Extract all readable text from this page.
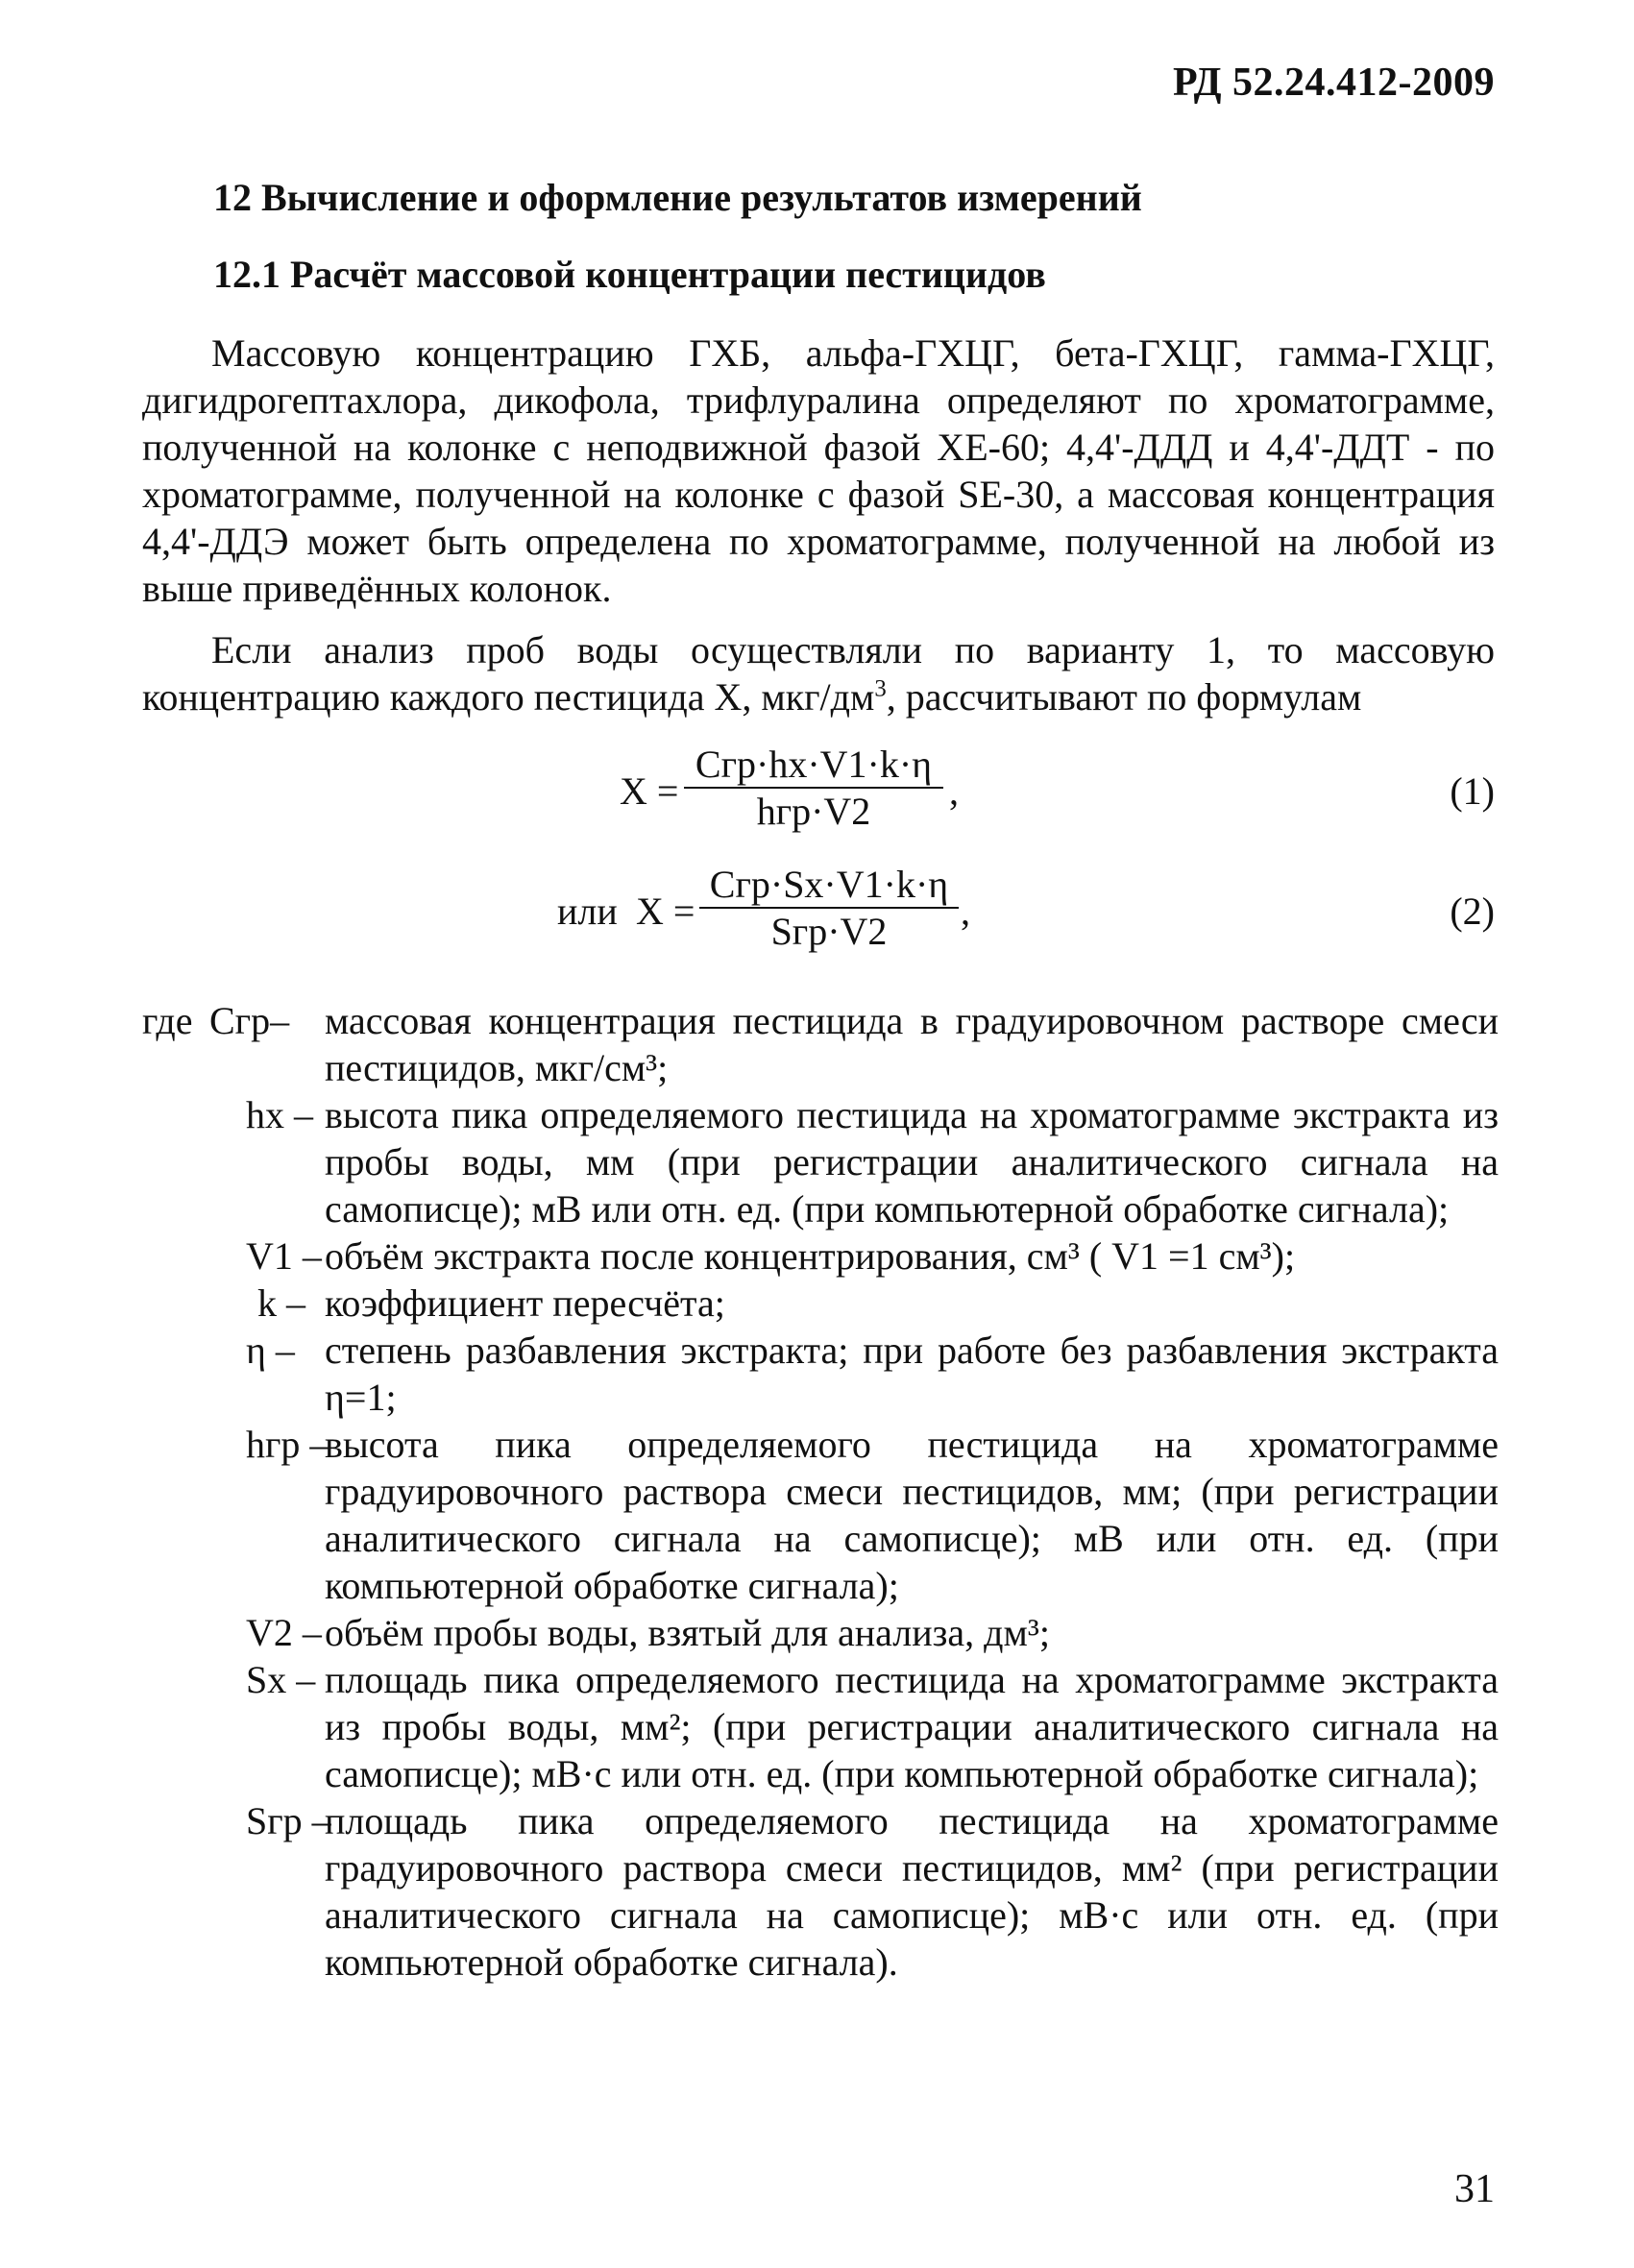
РД 52.24.412-2009
12 Вычисление и оформление результатов измерений
12.1 Расчёт массовой концентрации пестицидов

Массовую концентрацию ГХБ, альфа-ГХЦГ, бета-ГХЦГ, гамма-ГХЦГ, дигидрогептахлора, дикофола, трифлуралина определяют по хроматограмме, полученной на колонке с неподвижной фазой ХЕ-60; 4,4'-ДДД и 4,4'-ДДТ - по хроматограмме, полученной на колонке с фазой SE-30, а массовая концентрация 4,4'-ДДЭ может быть определена по хроматограмме, полученной на любой из выше приведённых колонок.

Если анализ проб воды осуществляли по варианту 1, то массовую концентрацию каждого пестицида X, мкг/$дм^3$, рассчитывают по формулам

X =
Cгр·hx·V1·k·η
hгр·V2	,	(1)
или X =
Cгр·Sx·V1·k·η
Sгр·V2	,	(2)
где Cгр– массовая концентрация пестицида в градуировочном растворе смеси пестицидов, мкг/см³;
hx – высота пика определяемого пестицида на хроматограмме экстракта из пробы воды, мм (при регистрации аналитического сигнала на самописце); мВ или отн. ед. (при компьютерной обработке сигнала);
V1 – объём экстракта после концентрирования, см³ ( V1 =1 см³);
k – коэффициент пересчёта;
η – степень разбавления экстракта; при работе без разбавления экстракта η=1;
hгр –
высота пика определяемого пестицида на хроматограмме градуировочного раствора смеси пестицидов, мм; (при регистрации аналитического сигнала на самописце); мВ или отн. ед. (при компьютерной обработке сигнала);
V2 – объём пробы воды, взятый для анализа, дм³;
Sx – площадь пика определяемого пестицида на хроматограмме экстракта из пробы воды, мм²; (при регистрации аналитического сигнала на самописце); мВ·с или отн. ед. (при компьютерной обработке сигнала);
Sгр –
площадь пика определяемого пестицида на хроматограмме градуировочного раствора смеси пестицидов, мм² (при регистрации аналитического сигнала на самописце); мВ·с или отн. ед. (при компьютерной обработке сигнала).
31
